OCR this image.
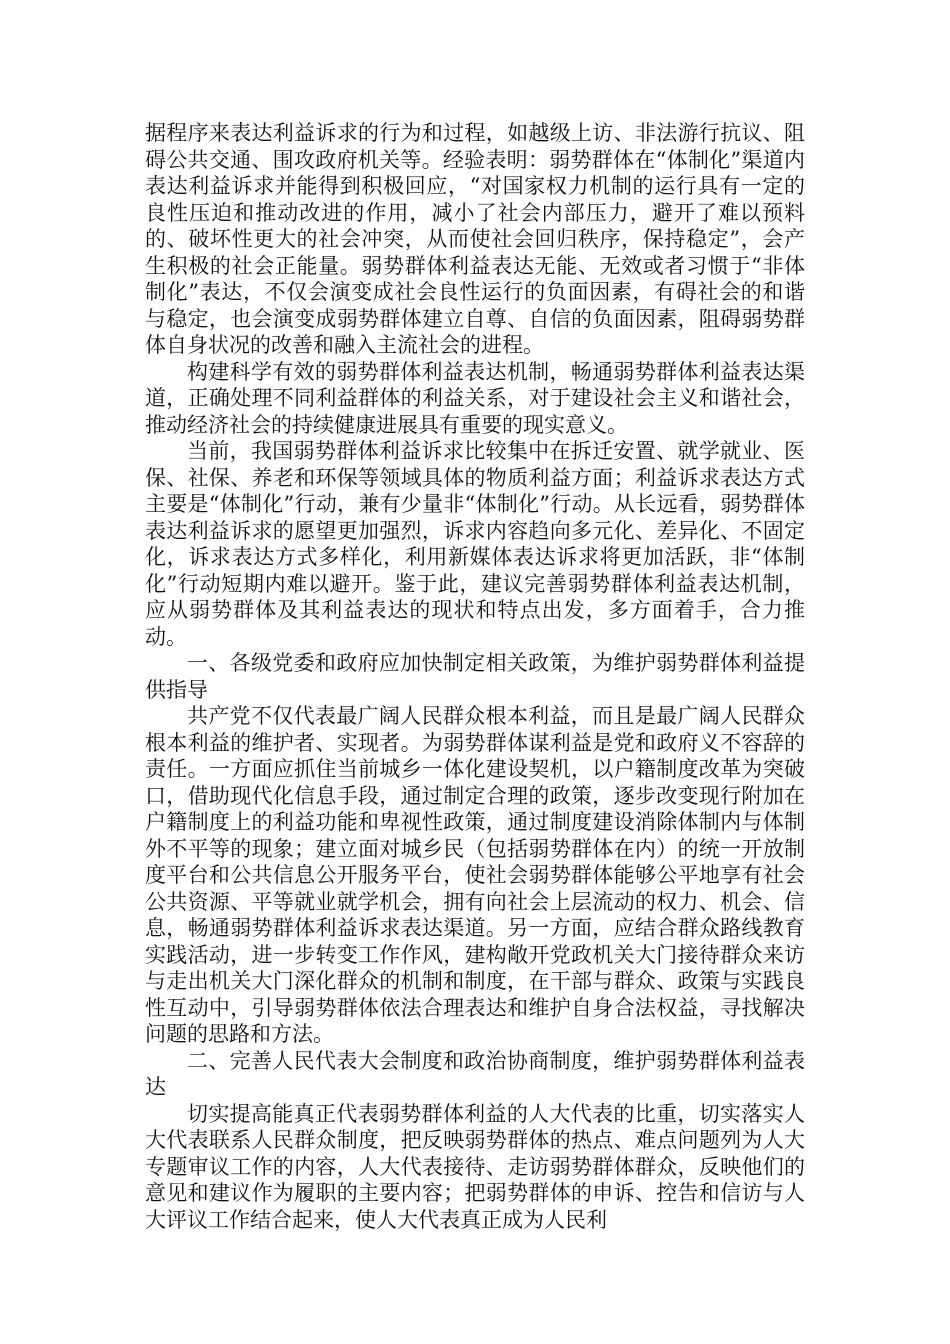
据程序来表达利益诉求的行为和过程，如越级上访、非法游行抗议、阻碍公共交通、围攻政府机关等。经验表明：弱势群体在“体制化”渠道内表达利益诉求并能得到积极回应，“对国家权力机制的运行具有一定的良性压迫和推动改进的作用，减小了社会内部压力，避开了难以预料的、破坏性更大的社会冲突，从而使社会回归秩序，保持稳定”，会产生积极的社会正能量。弱势群体利益表达无能、无效或者习惯于“非体制化”表达，不仅会演变成社会良性运行的负面因素，有碍社会的和谐与稳定，也会演变成弱势群体建立自尊、自信的负面因素，阻碍弱势群体自身状况的改善和融入主流社会的进程。

构建科学有效的弱势群体利益表达机制，畅通弱势群体利益表达渠道，正确处理不同利益群体的利益关系，对于建设社会主义和谐社会，推动经济社会的持续健康进展具有重要的现实意义。

当前，我国弱势群体利益诉求比较集中在拆迁安置、就学就业、医保、社保、养老和环保等领域具体的物质利益方面；利益诉求表达方式主要是“体制化”行动，兼有少量非“体制化”行动。从长远看，弱势群体表达利益诉求的愿望更加强烈，诉求内容趋向多元化、差异化、不固定化，诉求表达方式多样化，利用新媒体表达诉求将更加活跃，非“体制化”行动短期内难以避开。鉴于此，建议完善弱势群体利益表达机制，应从弱势群体及其利益表达的现状和特点出发，多方面着手，合力推动。

一、各级党委和政府应加快制定相关政策，为维护弱势群体利益提供指导

共产党不仅代表最广阔人民群众根本利益，而且是最广阔人民群众根本利益的维护者、实现者。为弱势群体谋利益是党和政府义不容辞的责任。一方面应抓住当前城乡一体化建设契机，以户籍制度改革为突破口，借助现代化信息手段，通过制定合理的政策，逐步改变现行附加在户籍制度上的利益功能和卑视性政策，通过制度建设消除体制内与体制外不平等的现象；建立面对城乡民（包括弱势群体在内）的统一开放制度平台和公共信息公开服务平台，使社会弱势群体能够公平地享有社会公共资源、平等就业就学机会，拥有向社会上层流动的权力、机会、信息，畅通弱势群体利益诉求表达渠道。另一方面，应结合群众路线教育实践活动，进一步转变工作作风，建构敞开党政机关大门接待群众来访与走出机关大门深化群众的机制和制度，在干部与群众、政策与实践良性互动中，引导弱势群体依法合理表达和维护自身合法权益，寻找解决问题的思路和方法。

二、完善人民代表大会制度和政治协商制度，维护弱势群体利益表达

切实提高能真正代表弱势群体利益的人大代表的比重，切实落实人大代表联系人民群众制度，把反映弱势群体的热点、难点问题列为人大专题审议工作的内容，人大代表接待、走访弱势群体群众，反映他们的意见和建议作为履职的主要内容；把弱势群体的申诉、控告和信访与人大评议工作结合起来，使人大代表真正成为人民利
